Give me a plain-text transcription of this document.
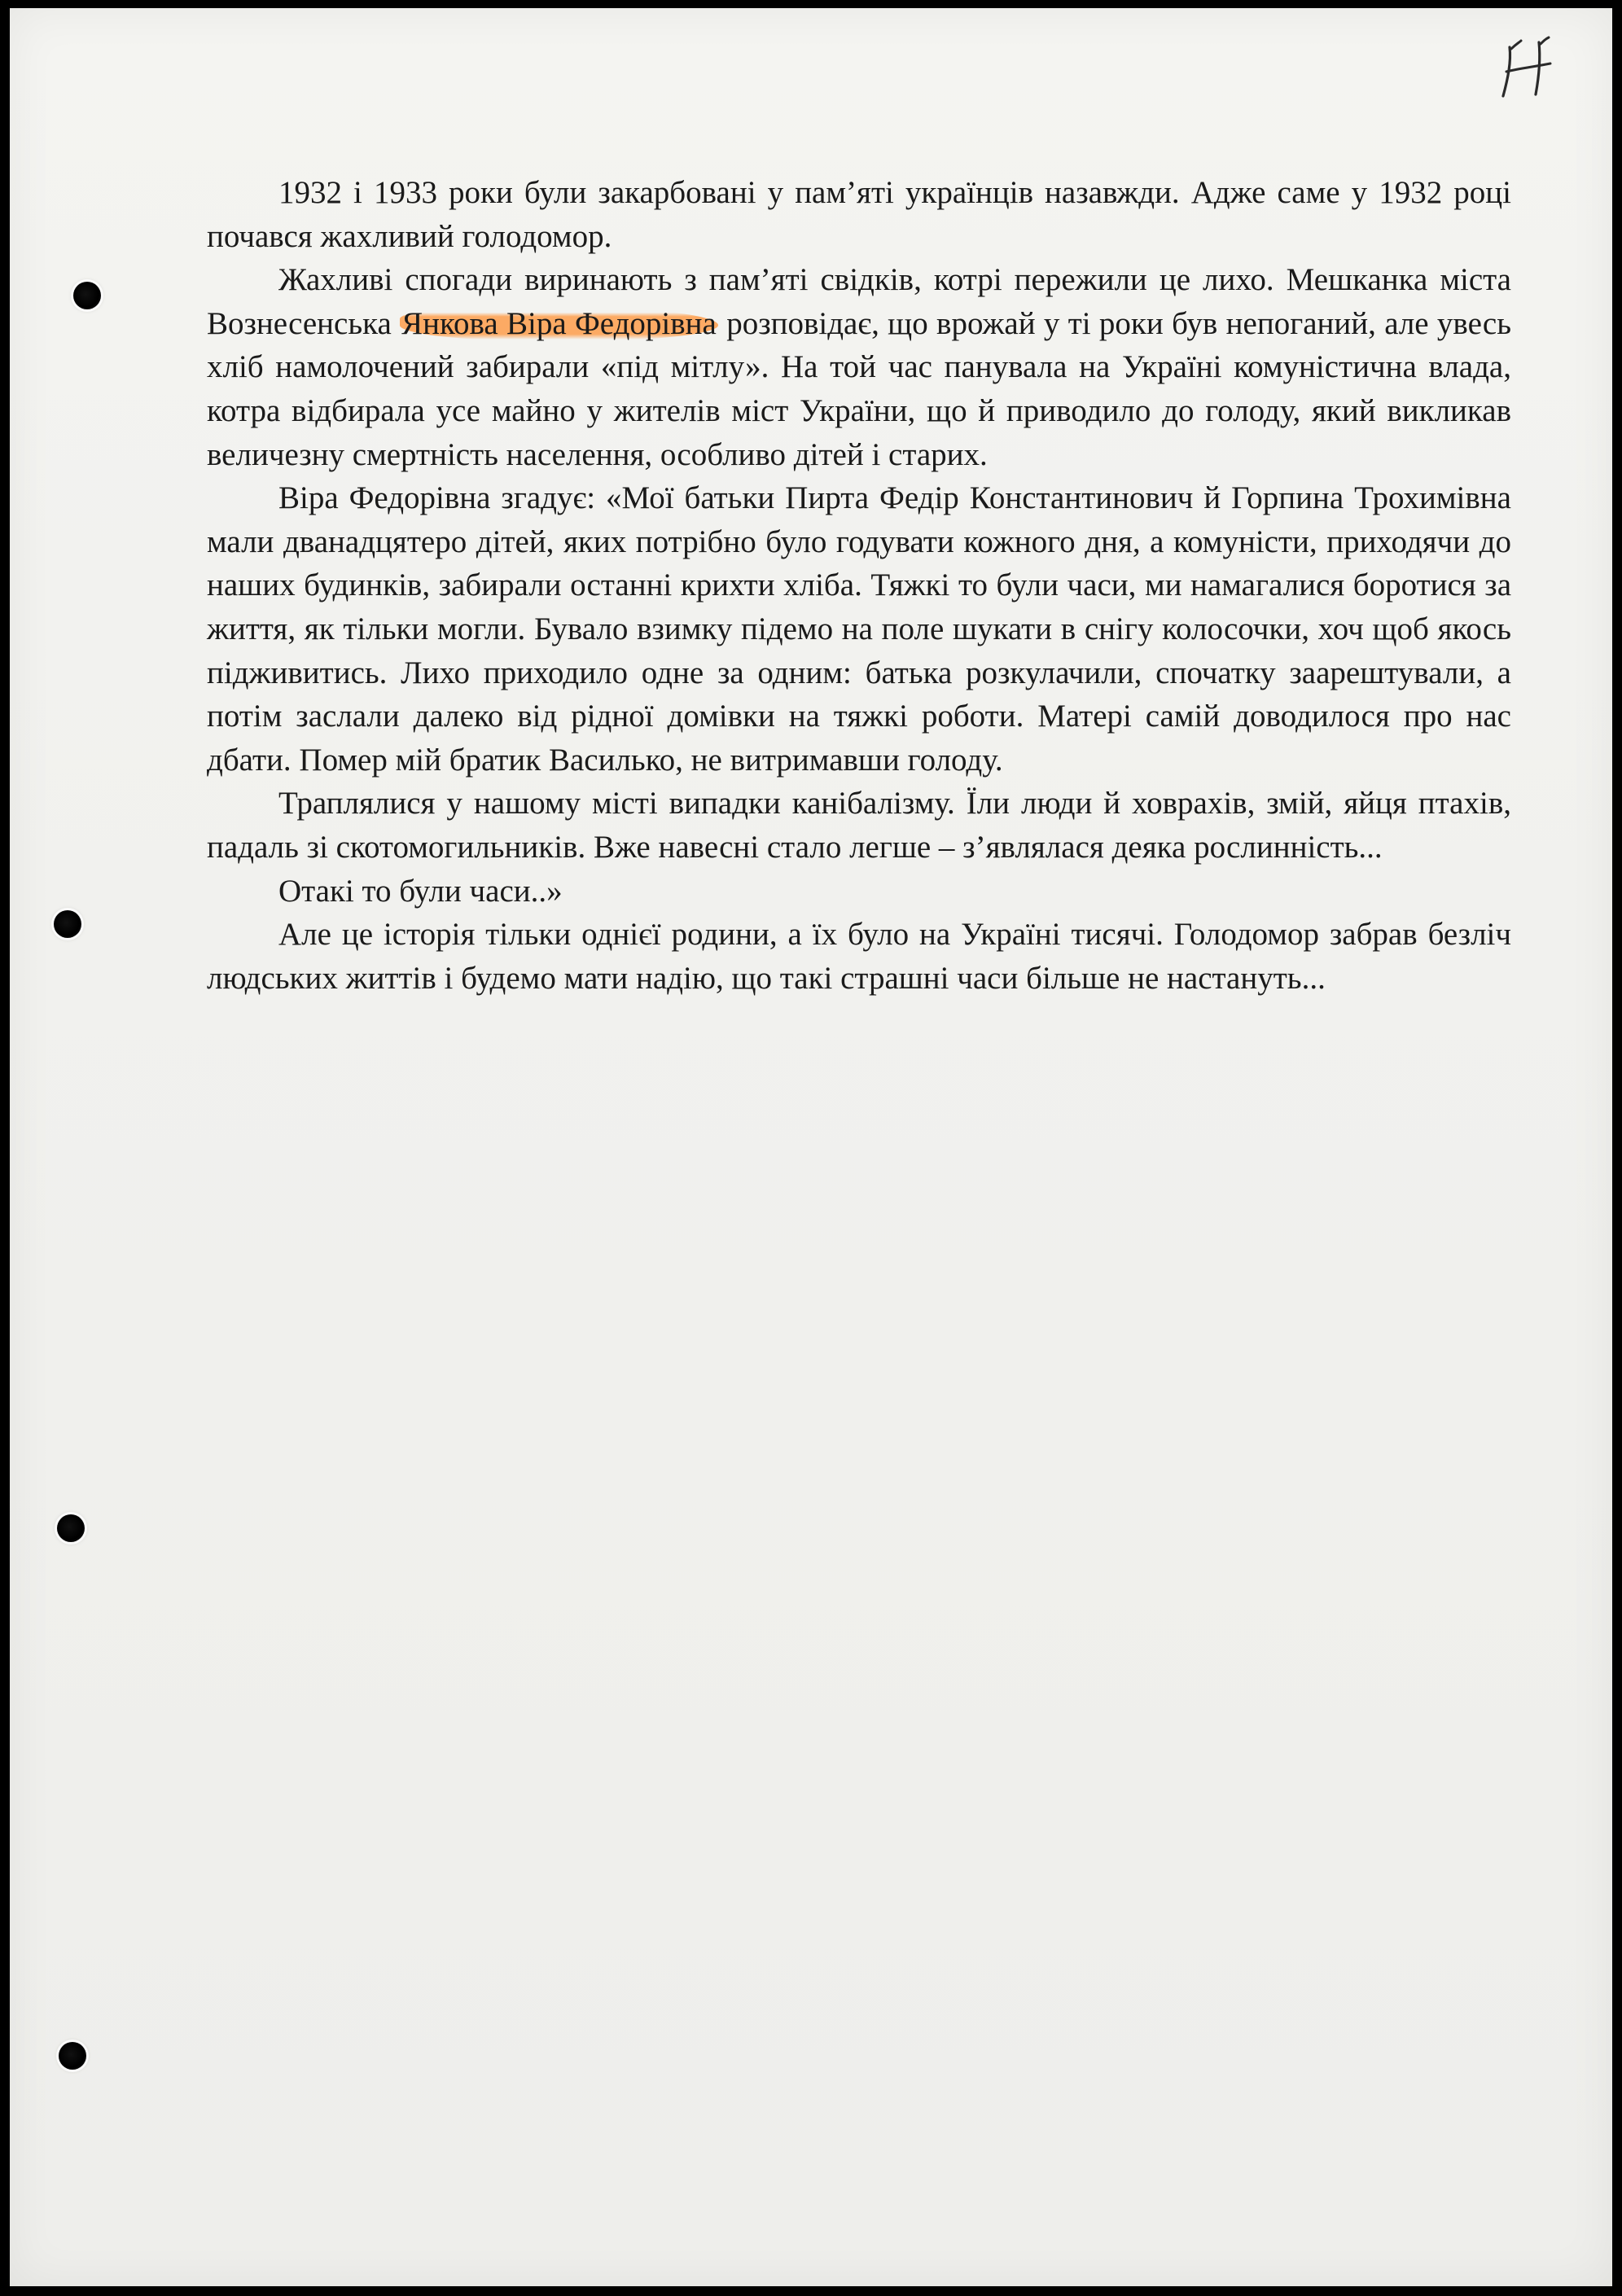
1932 і 1933 роки були закарбовані у пам’яті українців назавжди. Адже саме у 1932 році почався жахливий голодомор.

Жахливі спогади виринають з пам’яті свідків, котрі пережили це лихо. Мешканка міста Вознесенська Янкова Віра Федорівна розповідає, що врожай у ті роки був непоганий, але увесь хліб намолочений забирали «під мітлу». На той час панувала на Україні комуністична влада, котра відбирала усе майно у жителів міст України, що й приводило до голоду, який викликав величезну смертність населення, особливо дітей і старих.

Віра Федорівна згадує: «Мої батьки Пирта Федір Константинович й Горпина Трохимівна мали дванадцятеро дітей, яких потрібно було годувати кожного дня, а комуністи, приходячи до наших будинків, забирали останні крихти хліба. Тяжкі то були часи, ми намагалися боротися за життя, як тільки могли. Бувало взимку підемо на поле шукати в снігу колосочки, хоч щоб якось підживитись. Лихо приходило одне за одним: батька розкулачили, спочатку заарештували, а потім заслали далеко від рідної домівки на тяжкі роботи. Матері самій доводилося про нас дбати. Помер мій братик Василько, не витримавши голоду.

Траплялися у нашому місті випадки канібалізму. Їли люди й ховрахів, змій, яйця птахів, падаль зі скотомогильників. Вже навесні стало легше – з’являлася деяка рослинність...

Отакі то були часи..»

Але це історія тільки однієї родини, а їх було на Україні тисячі. Голодомор забрав безліч людських життів і будемо мати надію, що такі страшні часи більше не настануть...
